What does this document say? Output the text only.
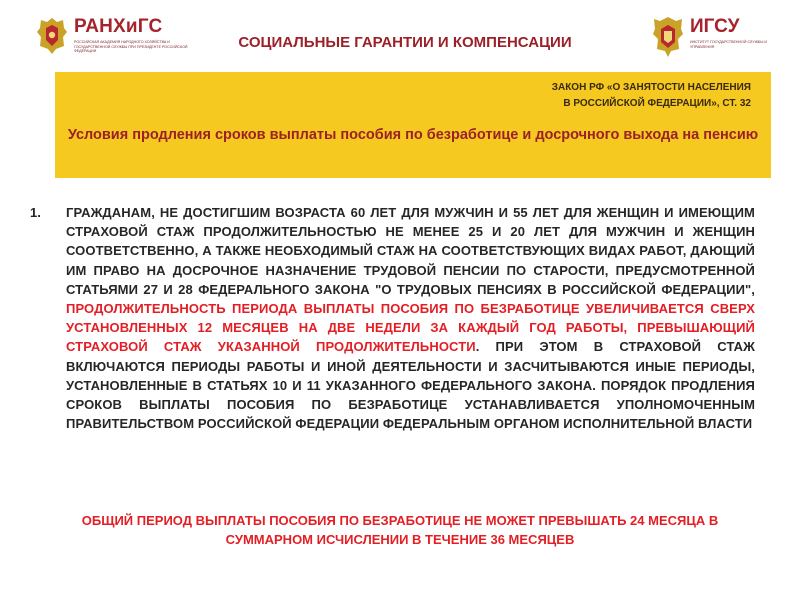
РАНХиГС
РОССИЙСКАЯ АКАДЕМИЯ НАРОДНОГО ХОЗЯЙСТВА И ГОСУДАРСТВЕННОЙ СЛУЖБЫ ПРИ ПРЕЗИДЕНТЕ РОССИЙСКОЙ ФЕДЕРАЦИИ
СОЦИАЛЬНЫЕ ГАРАНТИИ И КОМПЕНСАЦИИ
ИГСУ
ИНСТИТУТ ГОСУДАРСТВЕННОЙ СЛУЖБЫ И УПРАВЛЕНИЯ
ЗАКОН РФ «О ЗАНЯТОСТИ НАСЕЛЕНИЯ
В РОССИЙСКОЙ ФЕДЕРАЦИИ», СТ. 32
Условия продления сроков выплаты пособия по безработице и досрочного выхода на пенсию
1. ГРАЖДАНАМ, НЕ ДОСТИГШИМ ВОЗРАСТА 60 ЛЕТ ДЛЯ МУЖЧИН И 55 ЛЕТ ДЛЯ ЖЕНЩИН И ИМЕЮЩИМ СТРАХОВОЙ СТАЖ ПРОДОЛЖИТЕЛЬНОСТЬЮ НЕ МЕНЕЕ 25 И 20 ЛЕТ ДЛЯ МУЖЧИН И ЖЕНЩИН СООТВЕТСТВЕННО, А ТАКЖЕ НЕОБХОДИМЫЙ СТАЖ НА СООТВЕТСТВУЮЩИХ ВИДАХ РАБОТ, ДАЮЩИЙ ИМ ПРАВО НА ДОСРОЧНОЕ НАЗНАЧЕНИЕ ТРУДОВОЙ ПЕНСИИ ПО СТАРОСТИ, ПРЕДУСМОТРЕННОЙ СТАТЬЯМИ 27 И 28 ФЕДЕРАЛЬНОГО ЗАКОНА "О ТРУДОВЫХ ПЕНСИЯХ В РОССИЙСКОЙ ФЕДЕРАЦИИ", ПРОДОЛЖИТЕЛЬНОСТЬ ПЕРИОДА ВЫПЛАТЫ ПОСОБИЯ ПО БЕЗРАБОТИЦЕ УВЕЛИЧИВАЕТСЯ СВЕРХ УСТАНОВЛЕННЫХ 12 МЕСЯЦЕВ НА ДВЕ НЕДЕЛИ ЗА КАЖДЫЙ ГОД РАБОТЫ, ПРЕВЫШАЮЩИЙ СТРАХОВОЙ СТАЖ УКАЗАННОЙ ПРОДОЛЖИТЕЛЬНОСТИ. ПРИ ЭТОМ В СТРАХОВОЙ СТАЖ ВКЛЮЧАЮТСЯ ПЕРИОДЫ РАБОТЫ И ИНОЙ ДЕЯТЕЛЬНОСТИ И ЗАСЧИТЫВАЮТСЯ ИНЫЕ ПЕРИОДЫ, УСТАНОВЛЕННЫЕ В СТАТЬЯХ 10 И 11 УКАЗАННОГО ФЕДЕРАЛЬНОГО ЗАКОНА. ПОРЯДОК ПРОДЛЕНИЯ СРОКОВ ВЫПЛАТЫ ПОСОБИЯ ПО БЕЗРАБОТИЦЕ УСТАНАВЛИВАЕТСЯ УПОЛНОМОЧЕННЫМ ПРАВИТЕЛЬСТВОМ РОССИЙСКОЙ ФЕДЕРАЦИИ ФЕДЕРАЛЬНЫМ ОРГАНОМ ИСПОЛНИТЕЛЬНОЙ ВЛАСТИ
ОБЩИЙ ПЕРИОД ВЫПЛАТЫ ПОСОБИЯ ПО БЕЗРАБОТИЦЕ НЕ МОЖЕТ ПРЕВЫШАТЬ 24 МЕСЯЦА В СУММАРНОМ ИСЧИСЛЕНИИ В ТЕЧЕНИЕ 36 МЕСЯЦЕВ
